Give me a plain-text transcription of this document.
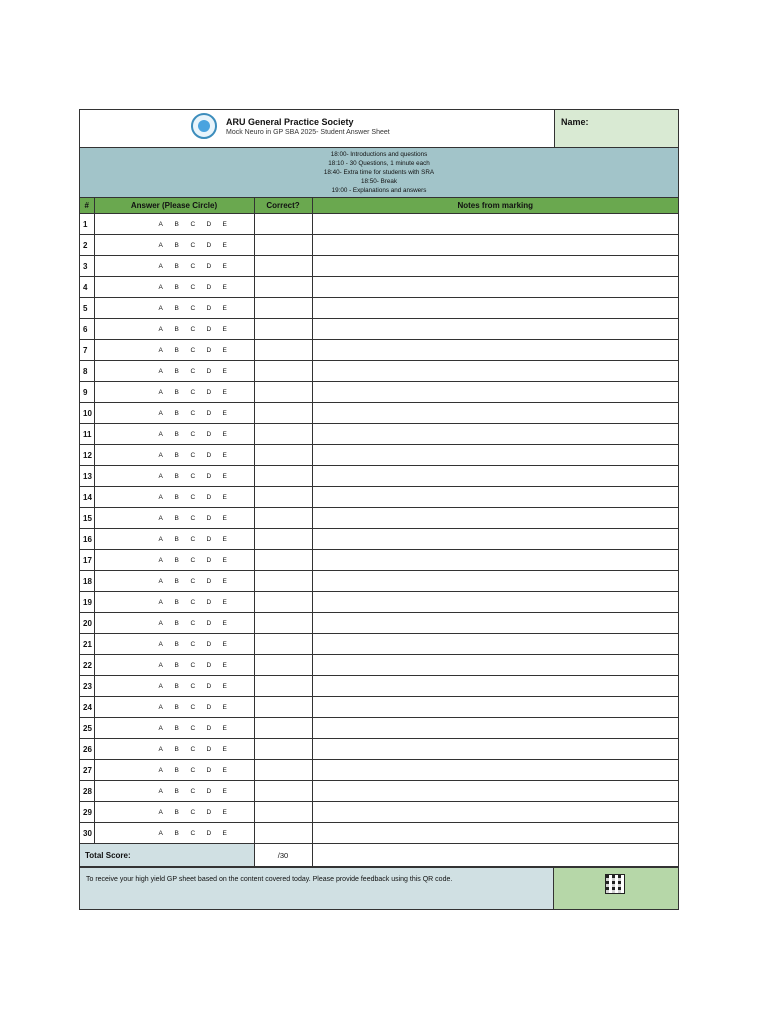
ARU General Practice Society
Mock Neuro in GP SBA 2025- Student Answer Sheet
Name:
18:00- Introductions and questions
18:10 - 30 Questions, 1 minute each
18:40- Extra time for students with SRA
18:50- Break
19:00 - Explanations and answers
#	Answer (Please Circle)	Correct?	Notes from marking
1	A B C D E		
2	A B C D E		
3	A B C D E		
4	A B C D E		
5	A B C D E		
6	A B C D E		
7	A B C D E		
8	A B C D E		
9	A B C D E		
10	A B C D E		
11	A B C D E		
12	A B C D E		
13	A B C D E		
14	A B C D E		
15	A B C D E		
16	A B C D E		
17	A B C D E		
18	A B C D E		
19	A B C D E		
20	A B C D E		
21	A B C D E		
22	A B C D E		
23	A B C D E		
24	A B C D E		
25	A B C D E		
26	A B C D E		
27	A B C D E		
28	A B C D E		
29	A B C D E		
30	A B C D E		
Total Score:		/30	
To receive your high yield GP sheet based on the content covered today. Please provide feedback using this QR code.
